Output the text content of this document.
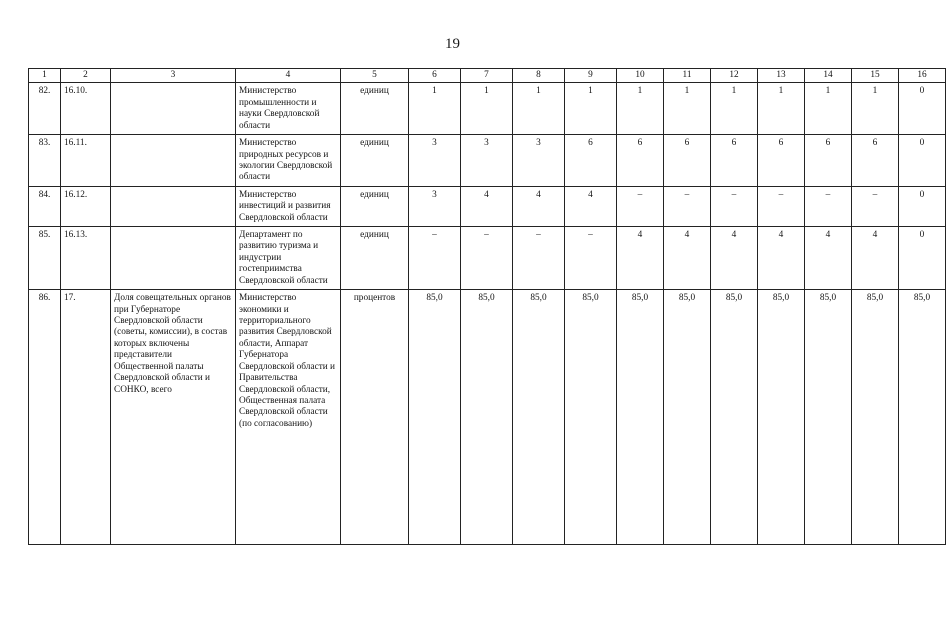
19
1	2	3	4	5	6	7	8	9	10	11	12	13	14	15	16
82.	16.10.		Министерство промышленности и науки Свердловской области	единиц	1	1	1	1	1	1	1	1	1	1	0
83.	16.11.		Министерство природных ресурсов и экологии Свердловской области	единиц	3	3	3	6	6	6	6	6	6	6	0
84.	16.12.		Министерство инвестиций и развития Свердловской области	единиц	3	4	4	4	–	–	–	–	–	–	0
85.	16.13.		Департамент по развитию туризма и индустрии гостеприимства Свердловской области	единиц	–	–	–	–	4	4	4	4	4	4	0
86.	17.	Доля совещательных органов при Губернаторе Свердловской области (советы, комиссии), в состав которых включены представители Общественной палаты Свердловской области и СОНКО, всего	Министерство экономики и территориального развития Свердловской области, Аппарат Губернатора Свердловской области и Правительства Свердловской области, Общественная палата Свердловской области (по согласованию)	процентов	85,0	85,0	85,0	85,0	85,0	85,0	85,0	85,0	85,0	85,0	85,0
